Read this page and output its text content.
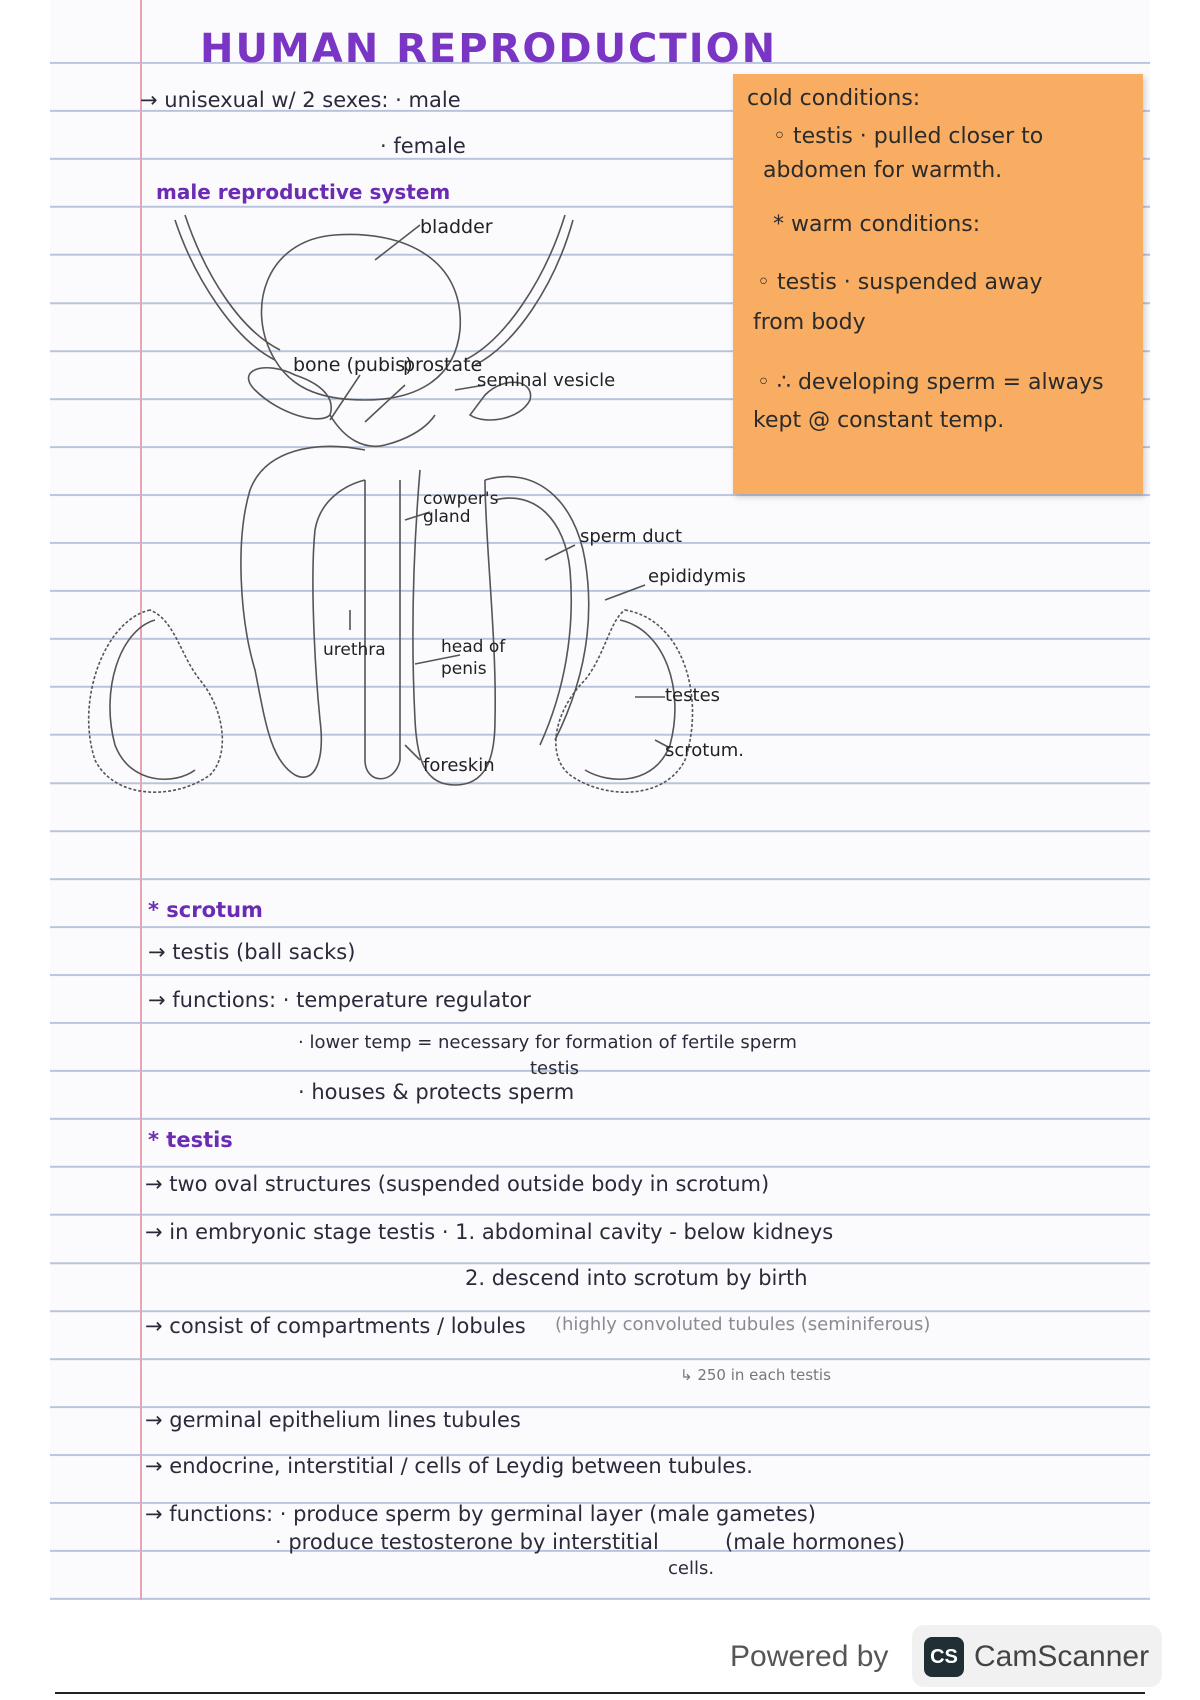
HUMAN REPRODUCTION
→ unisexual w/ 2 sexes: · male
· female
male reproductive system
cold conditions:
◦ testis · pulled closer to
abdomen for warmth.
* warm conditions:
◦ testis · suspended away
from body
◦ ∴ developing sperm = always
kept @ constant temp.
bladder
bone (pubis)
prostate
seminal vesicle
cowper's gland
sperm duct
epididymis
urethra	head of penis
testes
scrotum.
foreskin
* scrotum
→ testis (ball sacks)
→ functions: · temperature regulator
· lower temp = necessary for formation of fertile sperm
testis
· houses & protects sperm
* testis
→ two oval structures (suspended outside body in scrotum)
→ in embryonic stage testis · 1. abdominal cavity - below kidneys
2. descend into scrotum by birth
→ consist of compartments / lobules (highly convoluted tubules (seminiferous)
↳ 250 in each testis
→ germinal epithelium lines tubules
→ endocrine, interstitial / cells of Leydig between tubules.
→ functions: · produce sperm by germinal layer (male gametes)
· produce testosterone by interstitial	(male hormones)
cells.
Powered by	CS CamScanner
